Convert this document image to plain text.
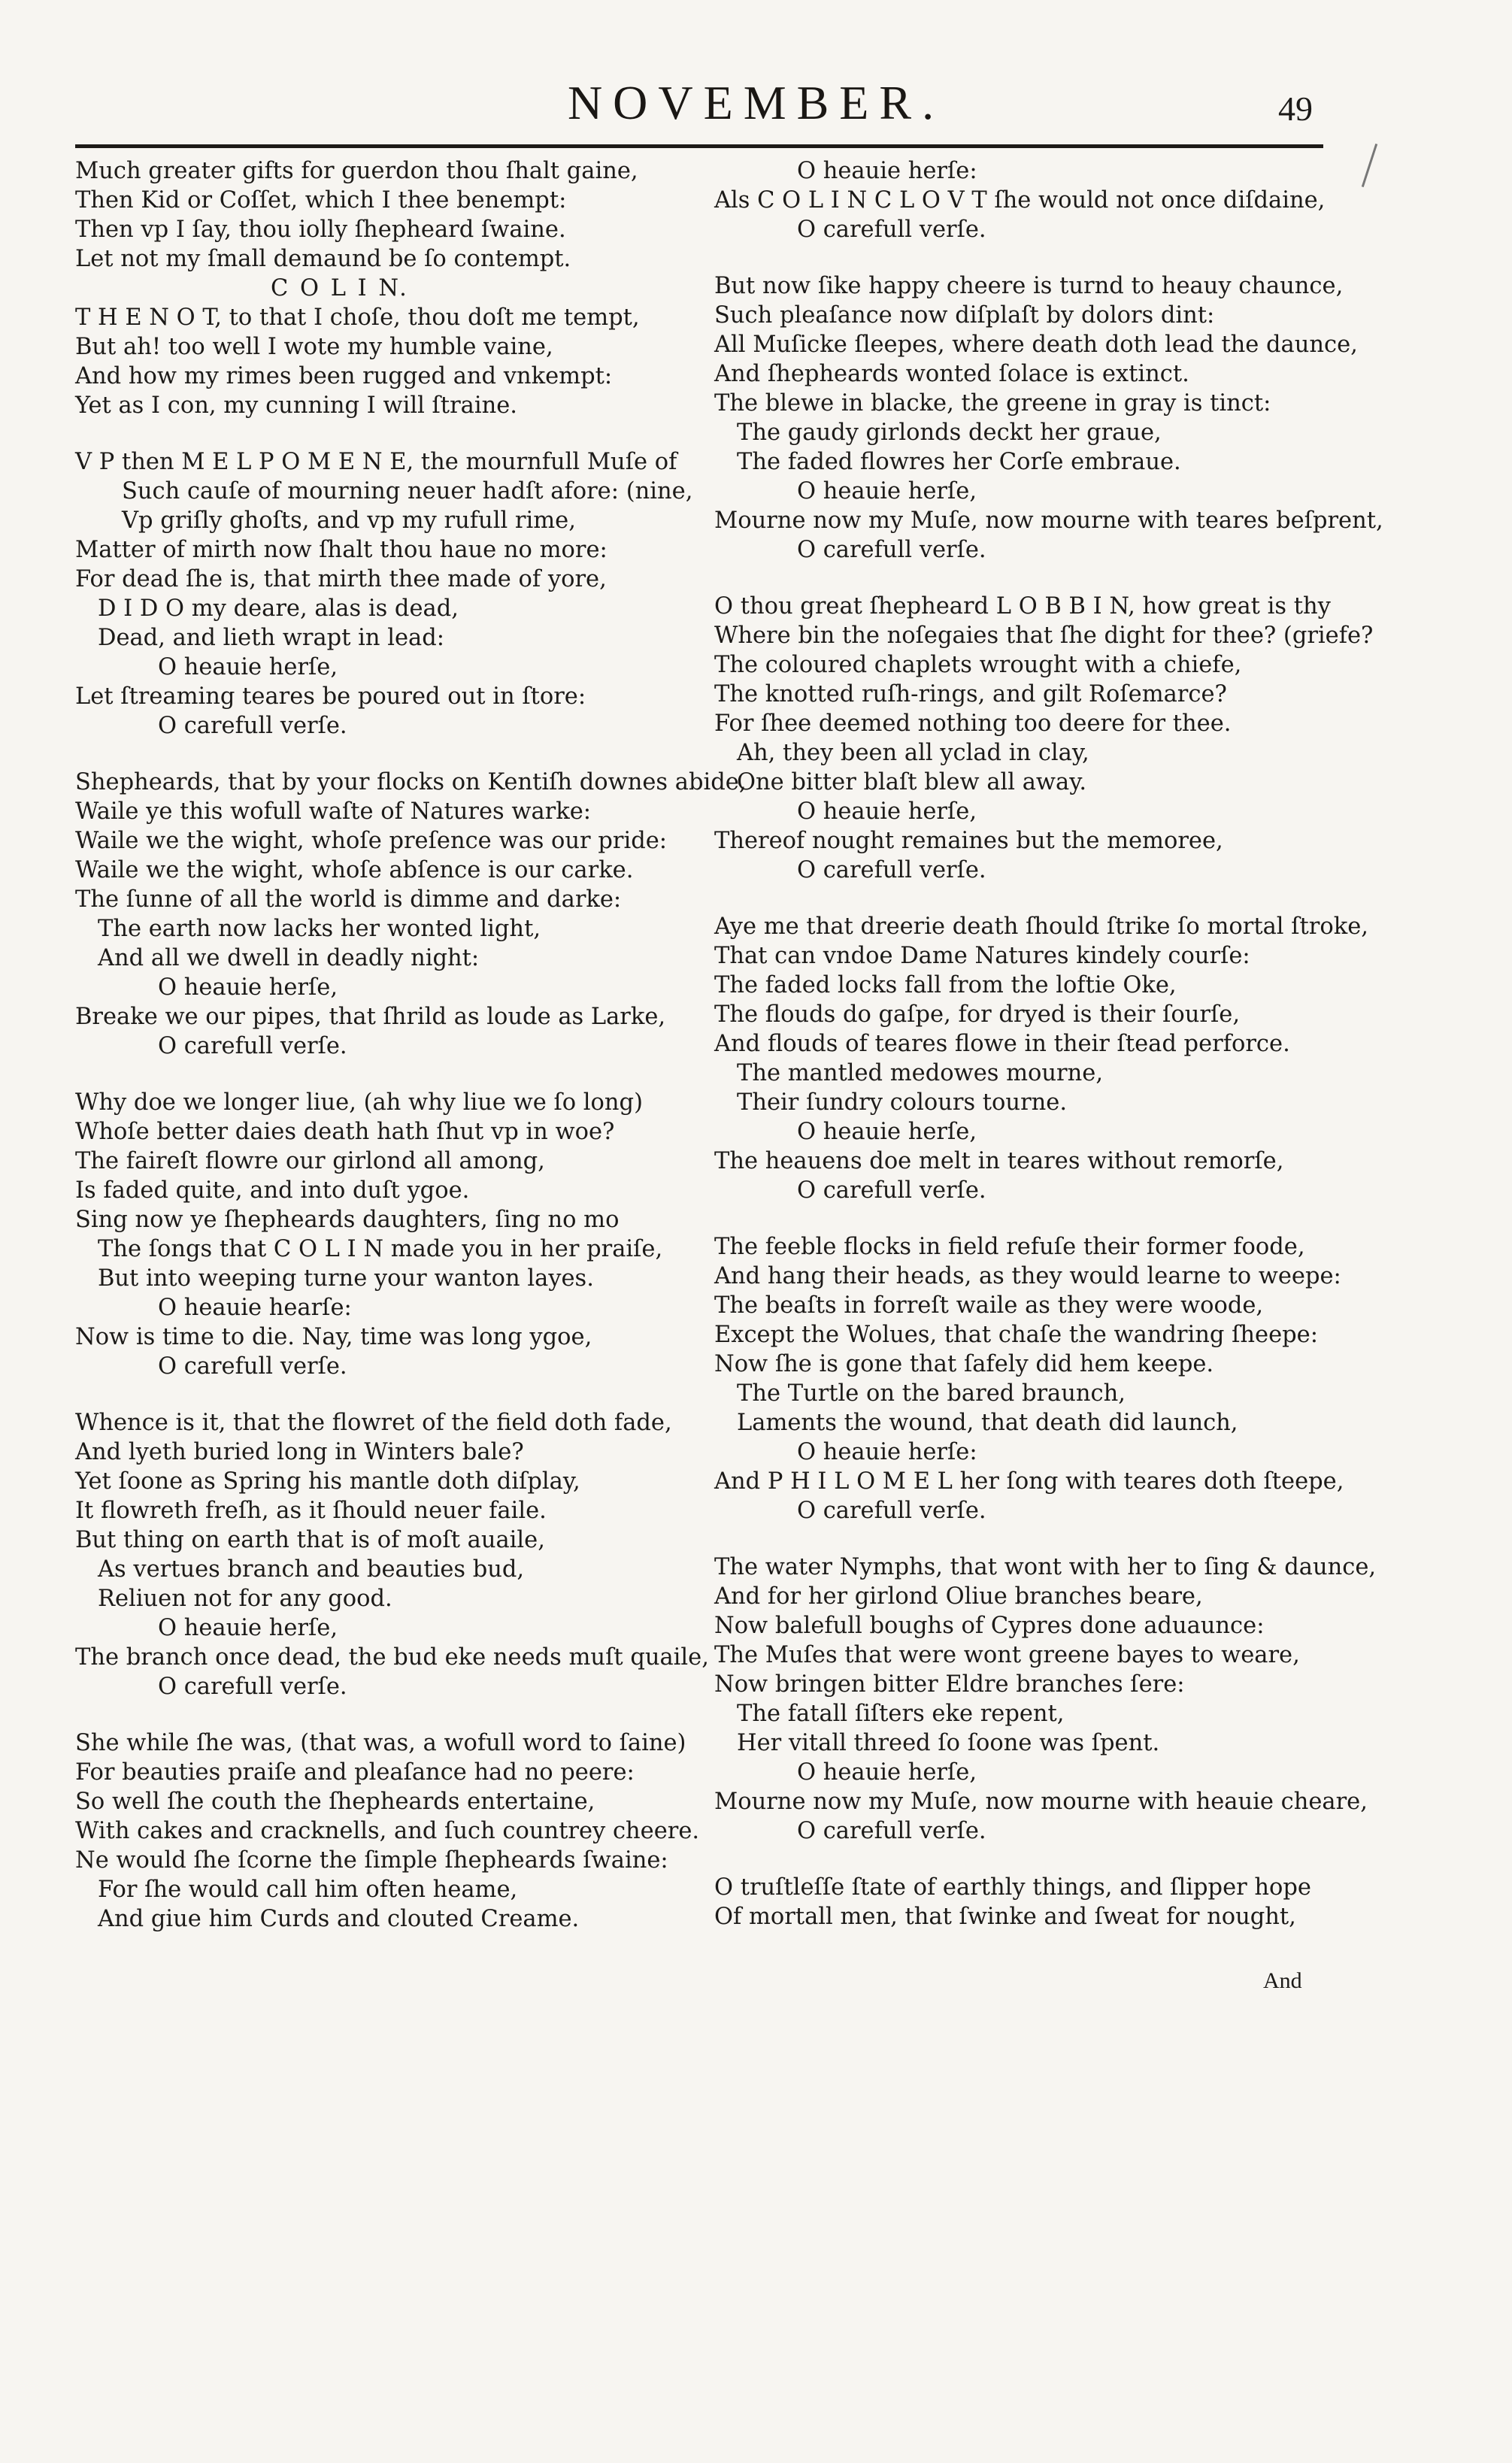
NOVEMBER.	49
Much greater gifts for guerdon thou ſhalt gaine,
Then Kid or Coſſet, which I thee benempt:
Then vp I ſay, thou iolly ſhepheard ſwaine.
Let not my ſmall demaund be ſo contempt.
C O L I N.
T H E N O T, to that I choſe, thou doſt me tempt,
But ah! too well I wote my humble vaine,
And how my rimes been rugged and vnkempt:
Yet as I con, my cunning I will ſtraine.
V P then M E L P O M E N E, the mournfull Muſe of
Such cauſe of mourning neuer hadſt afore: (nine,
Vp griſly ghoſts, and vp my rufull rime,
Matter of mirth now ſhalt thou haue no more:
For dead ſhe is, that mirth thee made of yore,
D I D O my deare, alas is dead,
Dead, and lieth wrapt in lead:
O heauie herſe,
Let ſtreaming teares be poured out in ſtore:
O carefull verſe.
Shepheards, that by your flocks on Kentiſh downes abide,
Waile ye this wofull waſte of Natures warke:
Waile we the wight, whoſe preſence was our pride:
Waile we the wight, whoſe abſence is our carke.
The ſunne of all the world is dimme and darke:
The earth now lacks her wonted light,
And all we dwell in deadly night:
O heauie herſe,
Breake we our pipes, that ſhrild as loude as Larke,
O carefull verſe.
Why doe we longer liue, (ah why liue we ſo long)
Whoſe better daies death hath ſhut vp in woe?
The faireſt flowre our girlond all among,
Is faded quite, and into duſt ygoe.
Sing now ye ſhepheards daughters, ſing no mo
The ſongs that C O L I N made you in her praiſe,
But into weeping turne your wanton layes.
O heauie hearſe:
Now is time to die. Nay, time was long ygoe,
O carefull verſe.
Whence is it, that the flowret of the field doth fade,
And lyeth buried long in Winters bale?
Yet ſoone as Spring his mantle doth diſplay,
It flowreth freſh, as it ſhould neuer faile.
But thing on earth that is of moſt auaile,
As vertues branch and beauties bud,
Reliuen not for any good.
O heauie herſe,
The branch once dead, the bud eke needs muſt quaile,
O carefull verſe.
She while ſhe was, (that was, a wofull word to ſaine)
For beauties praiſe and pleaſance had no peere:
So well ſhe couth the ſhepheards entertaine,
With cakes and cracknells, and ſuch countrey cheere.
Ne would ſhe ſcorne the ſimple ſhepheards ſwaine:
For ſhe would call him often heame,
And giue him Curds and clouted Creame.
O heauie herſe:
Als C O L I N C L O V T ſhe would not once diſdaine,
O carefull verſe.
But now ſike happy cheere is turnd to heauy chaunce,
Such pleaſance now diſplaſt by dolors dint:
All Muſicke ſleepes, where death doth lead the daunce,
And ſhepheards wonted ſolace is extinct.
The blewe in blacke, the greene in gray is tinct:
The gaudy girlonds deckt her graue,
The faded flowres her Corſe embraue.
O heauie herſe,
Mourne now my Muſe, now mourne with teares beſprent,
O carefull verſe.
O thou great ſhepheard L O B B I N, how great is thy
Where bin the noſegaies that ſhe dight for thee? (griefe?
The coloured chaplets wrought with a chiefe,
The knotted ruſh-rings, and gilt Roſemarce?
For ſhee deemed nothing too deere for thee.
Ah, they been all yclad in clay,
One bitter blaſt blew all away.
O heauie herſe,
Thereof nought remaines but the memoree,
O carefull verſe.
Aye me that dreerie death ſhould ſtrike ſo mortal ſtroke,
That can vndoe Dame Natures kindely courſe:
The faded locks fall from the loftie Oke,
The flouds do gaſpe, for dryed is their ſourſe,
And flouds of teares flowe in their ſtead perforce.
The mantled medowes mourne,
Their ſundry colours tourne.
O heauie herſe,
The heauens doe melt in teares without remorſe,
O carefull verſe.
The feeble flocks in field refuſe their former foode,
And hang their heads, as they would learne to weepe:
The beaſts in forreſt waile as they were woode,
Except the Wolues, that chaſe the wandring ſheepe:
Now ſhe is gone that ſafely did hem keepe.
The Turtle on the bared braunch,
Laments the wound, that death did launch,
O heauie herſe:
And P H I L O M E L her ſong with teares doth ſteepe,
O carefull verſe.
The water Nymphs, that wont with her to ſing & daunce,
And for her girlond Oliue branches beare,
Now balefull boughs of Cypres done aduaunce:
The Muſes that were wont greene bayes to weare,
Now bringen bitter Eldre branches ſere:
The fatall ſiſters eke repent,
Her vitall threed ſo ſoone was ſpent.
O heauie herſe,
Mourne now my Muſe, now mourne with heauie cheare,
O carefull verſe.
O truſtleſſe ſtate of earthly things, and ſlipper hope
Of mortall men, that ſwinke and ſweat for nought,
And
